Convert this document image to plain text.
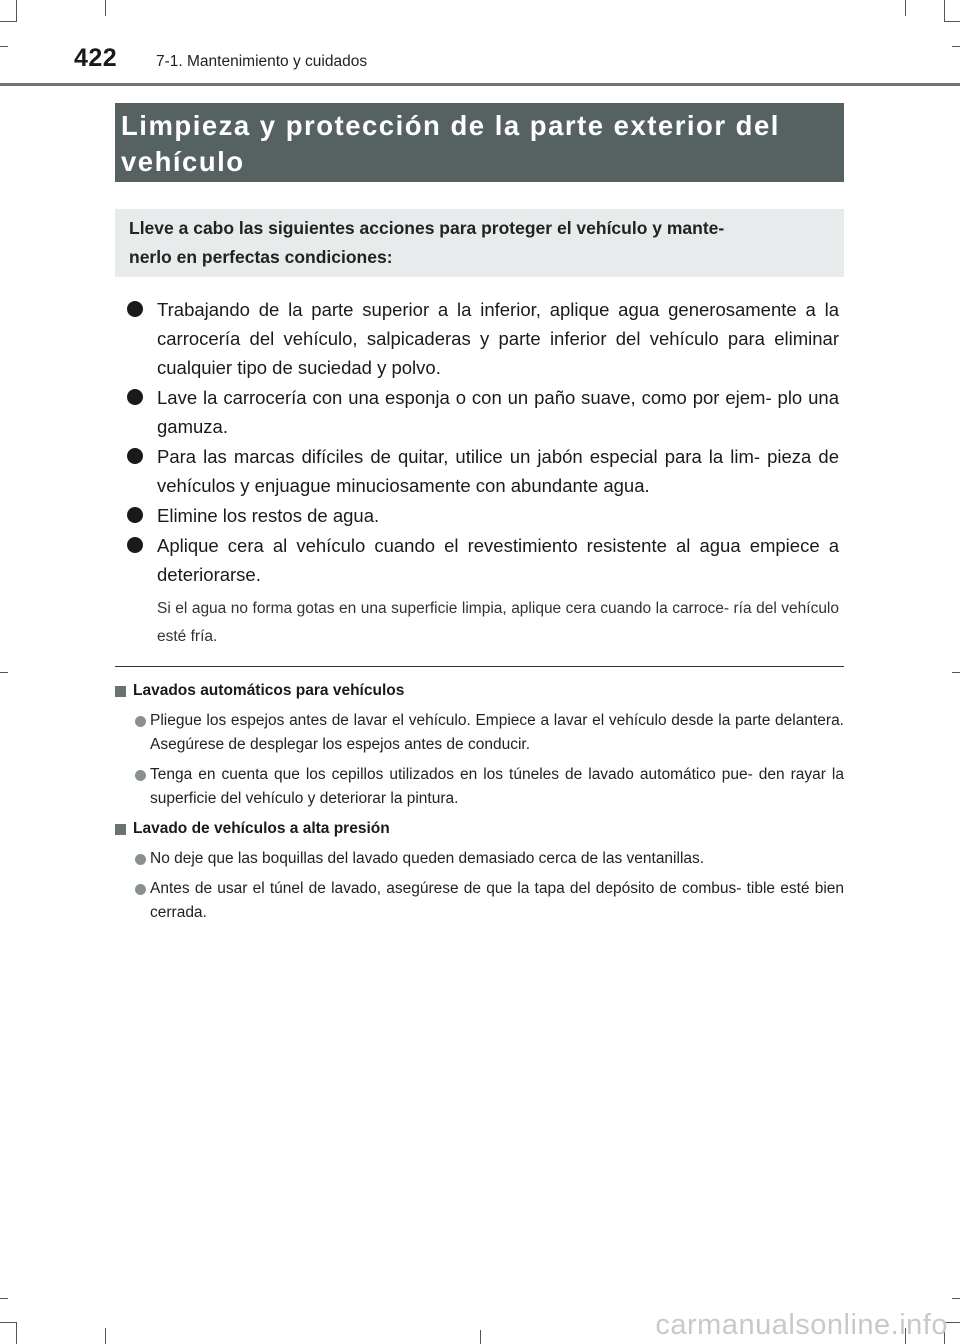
422	7-1. Mantenimiento y cuidados
Limpieza y protección de la parte exterior del
vehículo
Lleve a cabo las siguientes acciones para proteger el vehículo y mante-
nerlo en perfectas condiciones:
Trabajando de la parte superior a la inferior, aplique agua generosamente a la carrocería del vehículo, salpicaderas y parte inferior del vehículo para eliminar cualquier tipo de suciedad y polvo.
Lave la carrocería con una esponja o con un paño suave, como por ejem- plo una gamuza.
Para las marcas difíciles de quitar, utilice un jabón especial para la lim- pieza de vehículos y enjuague minuciosamente con abundante agua.
Elimine los restos de agua.
Aplique cera al vehículo cuando el revestimiento resistente al agua empiece a deteriorarse.
Si el agua no forma gotas en una superficie limpia, aplique cera cuando la carroce- ría del vehículo esté fría.
Lavados automáticos para vehículos
Pliegue los espejos antes de lavar el vehículo. Empiece a lavar el vehículo desde la parte delantera. Asegúrese de desplegar los espejos antes de conducir.
Tenga en cuenta que los cepillos utilizados en los túneles de lavado automático pue- den rayar la superficie del vehículo y deteriorar la pintura.
Lavado de vehículos a alta presión
No deje que las boquillas del lavado queden demasiado cerca de las ventanillas.
Antes de usar el túnel de lavado, asegúrese de que la tapa del depósito de combus- tible esté bien cerrada.
carmanualsonline.info
